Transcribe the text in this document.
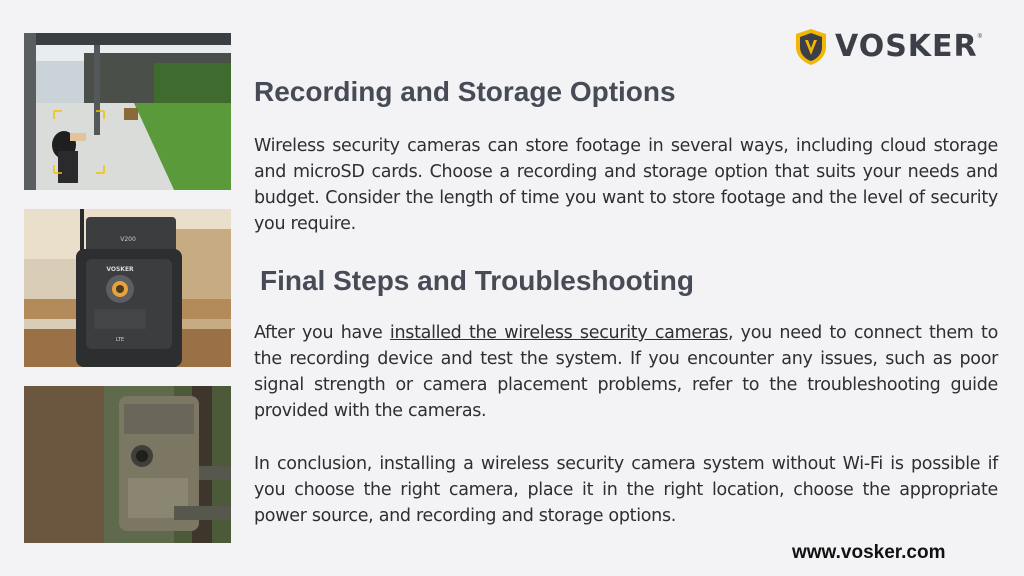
V200
VOSKER
LTE
VOSKER ®
Recording and Storage Options

Wireless security cameras can store footage in several ways, including cloud storage and microSD cards. Choose a recording and storage option that suits your needs and budget. Consider the length of time you want to store footage and the level of security you require.

Final Steps and Troubleshooting

After you have installed the wireless security cameras, you need to connect them to the recording device and test the system. If you encounter any issues, such as poor signal strength or camera placement problems, refer to the troubleshooting guide provided with the cameras.

In conclusion, installing a wireless security camera system without Wi-Fi is possible if you choose the right camera, place it in the right location, choose the appropriate power source, and recording and storage options.

www.vosker.com
